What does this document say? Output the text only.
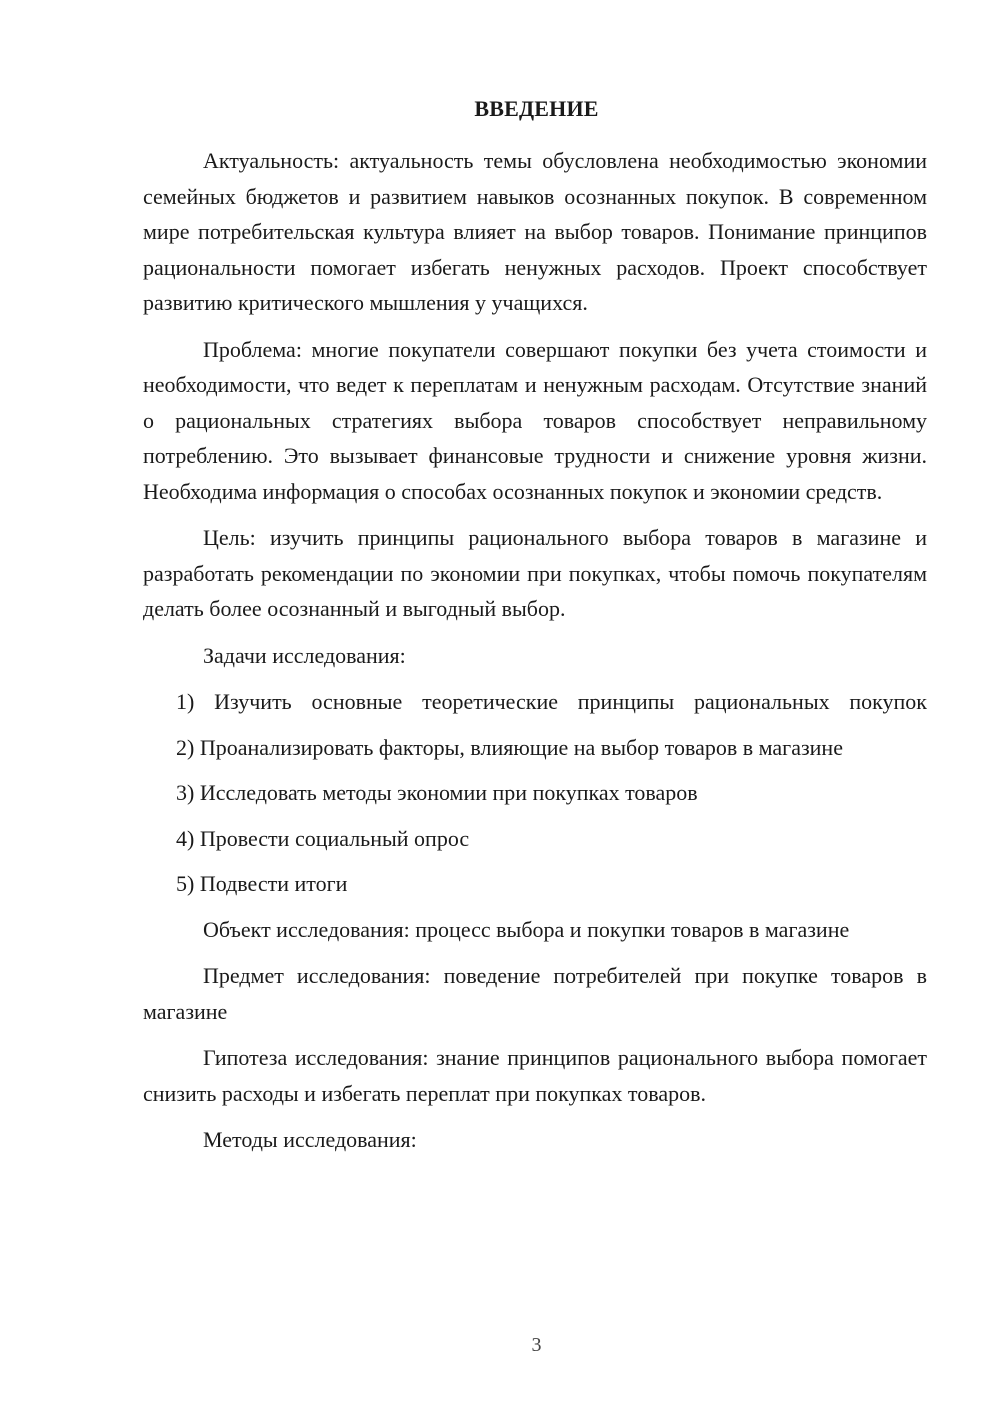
ВВЕДЕНИЕ

Актуальность: актуальность темы обусловлена необходимостью экономии семейных бюджетов и развитием навыков осознанных покупок. В современном мире потребительская культура влияет на выбор товаров. Понимание принципов рациональности помогает избегать ненужных расходов. Проект способствует развитию критического мышления у учащихся.

Проблема: многие покупатели совершают покупки без учета стоимости и необходимости, что ведет к переплатам и ненужным расходам. Отсутствие знаний о рациональных стратегиях выбора товаров способствует неправильному потреблению. Это вызывает финансовые трудности и снижение уровня жизни. Необходима информация о способах осознанных покупок и экономии средств.

Цель: изучить принципы рационального выбора товаров в магазине и разработать рекомендации по экономии при покупках, чтобы помочь покупателям делать более осознанный и выгодный выбор.

Задачи исследования:

1) Изучить основные теоретические принципы рациональных покупок

2) Проанализировать факторы, влияющие на выбор товаров в магазине

3) Исследовать методы экономии при покупках товаров

4) Провести социальный опрос

5) Подвести итоги

Объект исследования: процесс выбора и покупки товаров в магазине

Предмет исследования: поведение потребителей при покупке товаров в магазине

Гипотеза исследования: знание принципов рационального выбора помогает снизить расходы и избегать переплат при покупках товаров.

Методы исследования:

3
